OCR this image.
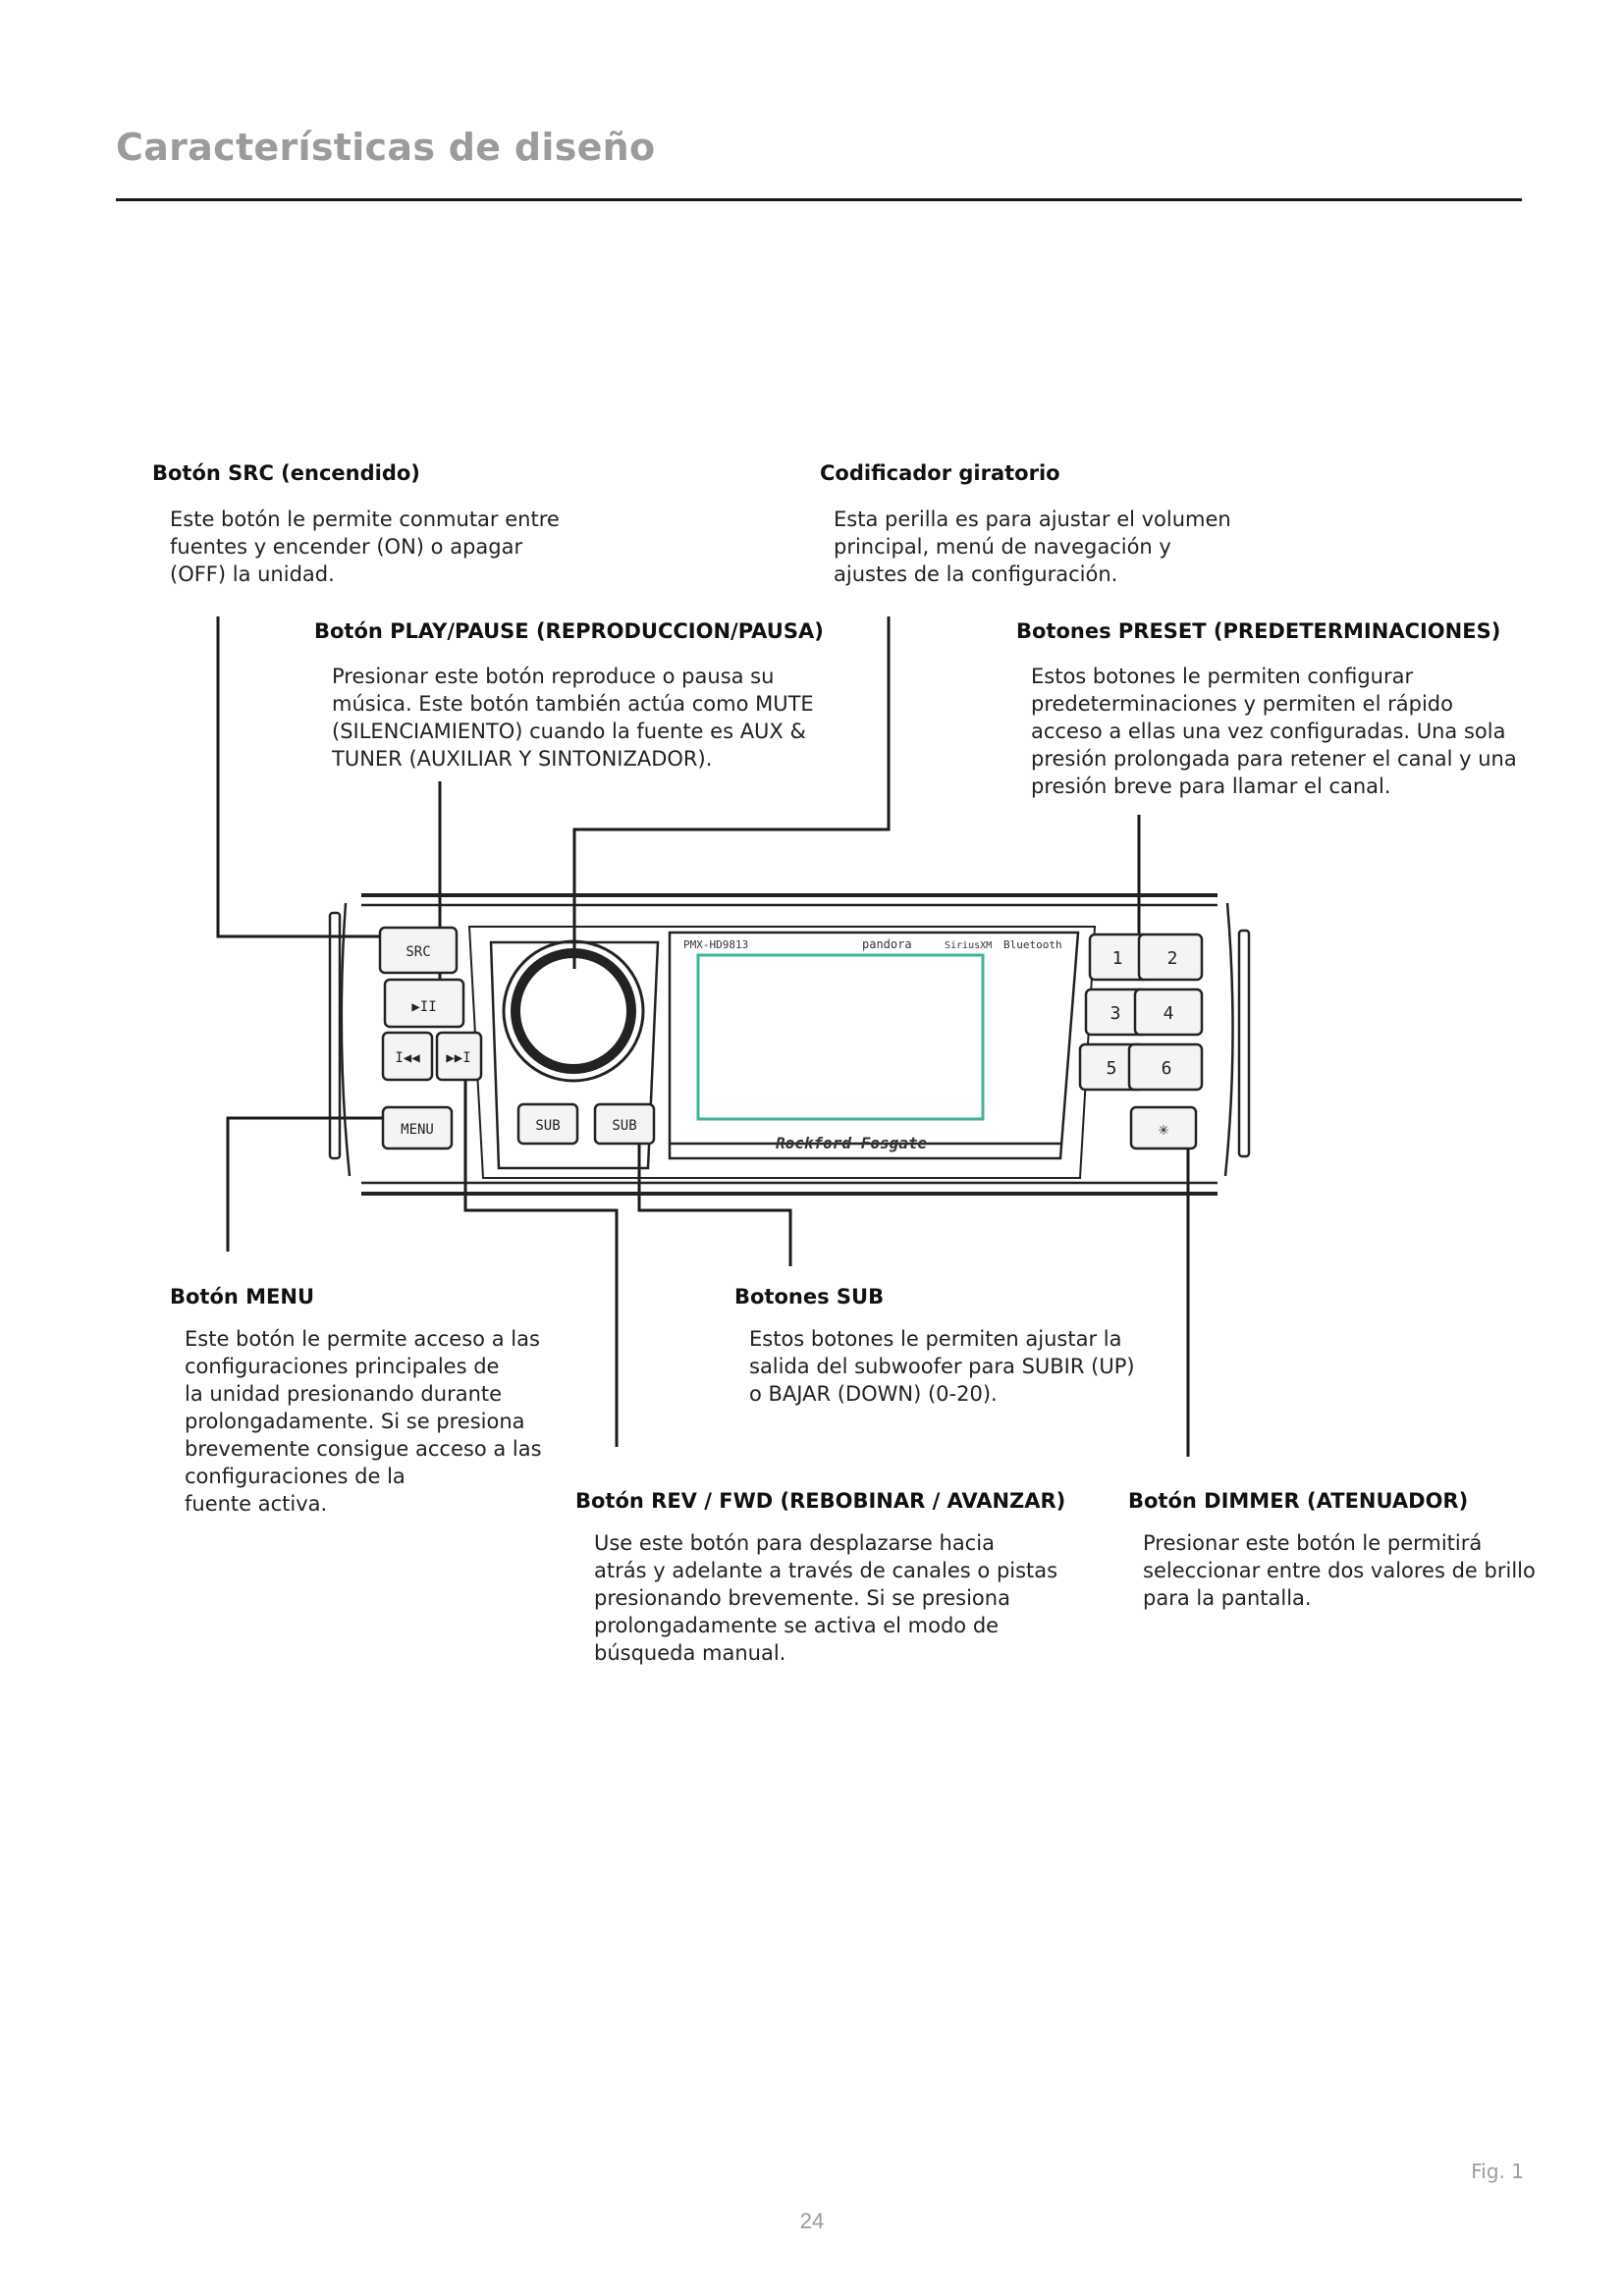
Características de diseño
Botón SRC (encendido)
Este botón le permite conmutar entre
fuentes y encender (ON) o apagar
(OFF) la unidad.
Codificador giratorio
Esta perilla es para ajustar el volumen
principal, menú de navegación y
ajustes de la configuración.
Botón PLAY/PAUSE (REPRODUCCION/PAUSA)
Presionar este botón reproduce o pausa su
música. Este botón también actúa como MUTE
(SILENCIAMIENTO) cuando la fuente es AUX &
TUNER (AUXILIAR Y SINTONIZADOR).
Botones PRESET (PREDETERMINACIONES)
Estos botones le permiten configurar
predeterminaciones y permiten el rápido
acceso a ellas una vez configuradas. Una sola
presión prolongada para retener el canal y una
presión breve para llamar el canal.
Botón MENU
Este botón le permite acceso a las
configuraciones principales de
la unidad presionando durante
prolongadamente. Si se presiona
brevemente consigue acceso a las
configuraciones de la
fuente activa.
Botones SUB
Estos botones le permiten ajustar la
salida del subwoofer para SUBIR (UP)
o BAJAR (DOWN) (0-20).
Botón REV / FWD (REBOBINAR / AVANZAR)
Use este botón para desplazarse hacia
atrás y adelante a través de canales o pistas
presionando brevemente. Si se presiona
prolongadamente se activa el modo de
búsqueda manual.
Botón DIMMER (ATENUADOR)
Presionar este botón le permitirá
seleccionar entre dos valores de brillo
para la pantalla.
SRC
▶II
I◀◀ ▶▶I
MENU	SUB	SUB
1	2
3 4
5	6
✳
PMX-HD9813	pandora	SiriusXM Bluetooth
Rockford Fosgate
Fig. 1
24
